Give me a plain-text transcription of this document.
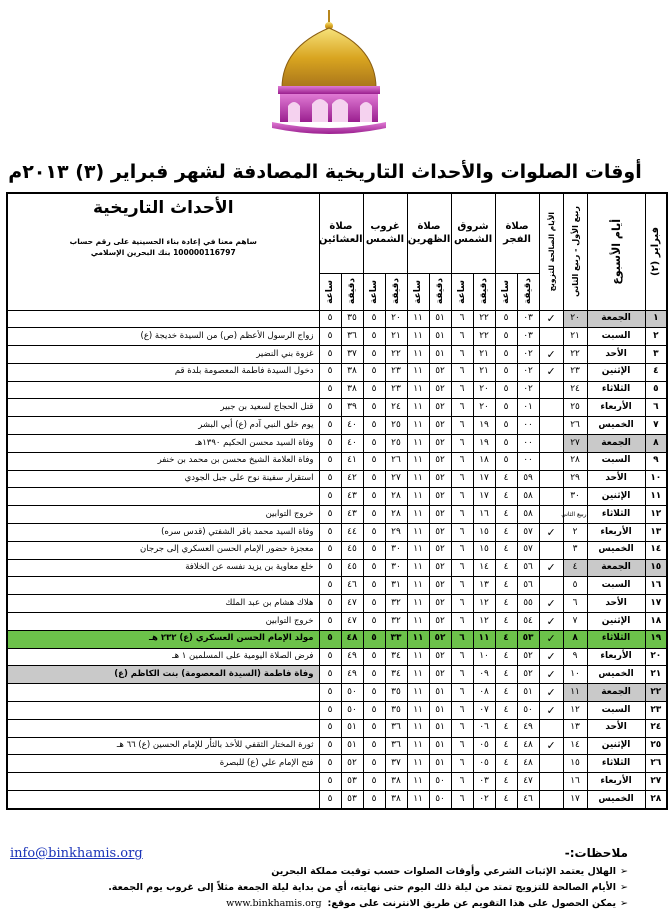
أوقات الصلوات والأحداث التاريخية المصادفة لشهر فبراير (٣) ٢٠١٣م
فبراير (٢)	أيام الأسبوع	ربيع الأول - ربيع الثاني	الأيام الصالحة للتزويج	صلاة الفجر		شروق الشمس		صلاة الظهرين		غروب الشمس		صلاة العشائين		الأحداث التاريخية
ساهم معنا في إعادة بناء الحسينية على رقم حساب
100000116797 بنك البحرين الإسلامي

				دقيقة	ساعة	دقيقة	ساعة	دقيقة	ساعة	دقيقة	ساعة	دقيقة	ساعة	

١	الجمعة	٢٠	✓	٠٣	٥	٢٢	٦	٥١	١١	٢٠	٥	٣٥	٥	
٢	السبت	٢١		٠٣	٥	٢٢	٦	٥١	١١	٢١	٥	٣٦	٥	زواج الرسول الأعظم (ص) من السيدة خديجة (ع)
٣	الأحد	٢٢	✓	٠٢	٥	٢١	٦	٥١	١١	٢٢	٥	٣٧	٥	غزوة بني النضير
٤	الإثنين	٢٣	✓	٠٢	٥	٢١	٦	٥٢	١١	٢٣	٥	٣٨	٥	دخول السيدة فاطمة المعصومة بلدة قم
٥	الثلاثاء	٢٤		٠٢	٥	٢٠	٦	٥٢	١١	٢٣	٥	٣٨	٥	
٦	الأربعاء	٢٥		٠١	٥	٢٠	٦	٥٢	١١	٢٤	٥	٣٩	٥	قتل الحجاج لسعيد بن جبير
٧	الخميس	٢٦		٠٠	٥	١٩	٦	٥٢	١١	٢٥	٥	٤٠	٥	يوم خلق النبي آدم (ع) أبي البشر
٨	الجمعة	٢٧		٠٠	٥	١٩	٦	٥٢	١١	٢٥	٥	٤٠	٥	وفاة السيد محسن الحكيم ١٣٩٠هـ
٩	السبت	٢٨		٠٠	٥	١٨	٦	٥٢	١١	٢٦	٥	٤١	٥	وفاة العلامة الشيخ محسن بن محمد بن خنفر
١٠	الأحد	٢٩		٥٩	٤	١٧	٦	٥٢	١١	٢٧	٥	٤٢	٥	استقرار سفينة نوح على جبل الجودي
١١	الإثنين	٣٠		٥٨	٤	١٧	٦	٥٢	١١	٢٨	٥	٤٣	٥	
١٢	الثلاثاء	ربيع الثاني		٥٨	٤	١٦	٦	٥٢	١١	٢٨	٥	٤٣	٥	خروج التوابين
١٣	الأربعاء	٢	✓	٥٧	٤	١٥	٦	٥٢	١١	٢٩	٥	٤٤	٥	وفاة السيد محمد باقر الشفتي (قدس سره)
١٤	الخميس	٣		٥٧	٤	١٥	٦	٥٢	١١	٣٠	٥	٤٥	٥	معجزة حضور الإمام الحسن العسكري إلى جرجان
١٥	الجمعة	٤	✓	٥٦	٤	١٤	٦	٥٢	١١	٣٠	٥	٤٥	٥	خلع معاوية بن يزيد نفسه عن الخلافة
١٦	السبت	٥		٥٦	٤	١٣	٦	٥٢	١١	٣١	٥	٤٦	٥	
١٧	الأحد	٦	✓	٥٥	٤	١٢	٦	٥٢	١١	٣٢	٥	٤٧	٥	هلاك هشام بن عبد الملك
١٨	الإثنين	٧	✓	٥٤	٤	١٢	٦	٥٢	١١	٣٢	٥	٤٧	٥	خروج التوابين
١٩	الثلاثاء	٨	✓	٥٣	٤	١١	٦	٥٢	١١	٣٣	٥	٤٨	٥	مولد الإمام الحسن العسكري (ع) ٢٣٢ هـ
٢٠	الأربعاء	٩	✓	٥٢	٤	١٠	٦	٥٢	١١	٣٤	٥	٤٩	٥	فرض الصلاة اليومية على المسلمين ١ هـ
٢١	الخميس	١٠	✓	٥٢	٤	٠٩	٦	٥٢	١١	٣٤	٥	٤٩	٥	وفاة فاطمة (السيدة المعصومة) بنت الكاظم (ع)
٢٢	الجمعة	١١	✓	٥١	٤	٠٨	٦	٥١	١١	٣٥	٥	٥٠	٥	
٢٣	السبت	١٢	✓	٥٠	٤	٠٧	٦	٥١	١١	٣٥	٥	٥٠	٥	
٢٤	الأحد	١٣		٤٩	٤	٠٦	٦	٥١	١١	٣٦	٥	٥١	٥	
٢٥	الإثنين	١٤	✓	٤٨	٤	٠٥	٦	٥١	١١	٣٦	٥	٥١	٥	ثورة المختار الثقفي للأخذ بالثأر للإمام الحسين (ع) ٦٦ هـ
٢٦	الثلاثاء	١٥		٤٨	٤	٠٥	٦	٥١	١١	٣٧	٥	٥٢	٥	فتح الإمام علي (ع) للبصرة
٢٧	الأربعاء	١٦		٤٧	٤	٠٣	٦	٥٠	١١	٣٨	٥	٥٣	٥	
٢٨	الخميس	١٧		٤٦	٤	٠٢	٦	٥٠	١١	٣٨	٥	٥٣	٥	
info@binkhamis.org	ملاحظات:-
➢الهلال يعتمد الإثبات الشرعي وأوقات الصلوات حسب توقيت مملكة البحرين
➢الأيام الصالحة للتزويج تمتد من ليلة ذلك اليوم حتى نهايته، أي من بداية ليلة الجمعة مثلاً إلى غروب يوم الجمعة.
➢يمكن الحصول على هذا التقويم عن طريق الانترنت على موقع:www.binkhamis.org
